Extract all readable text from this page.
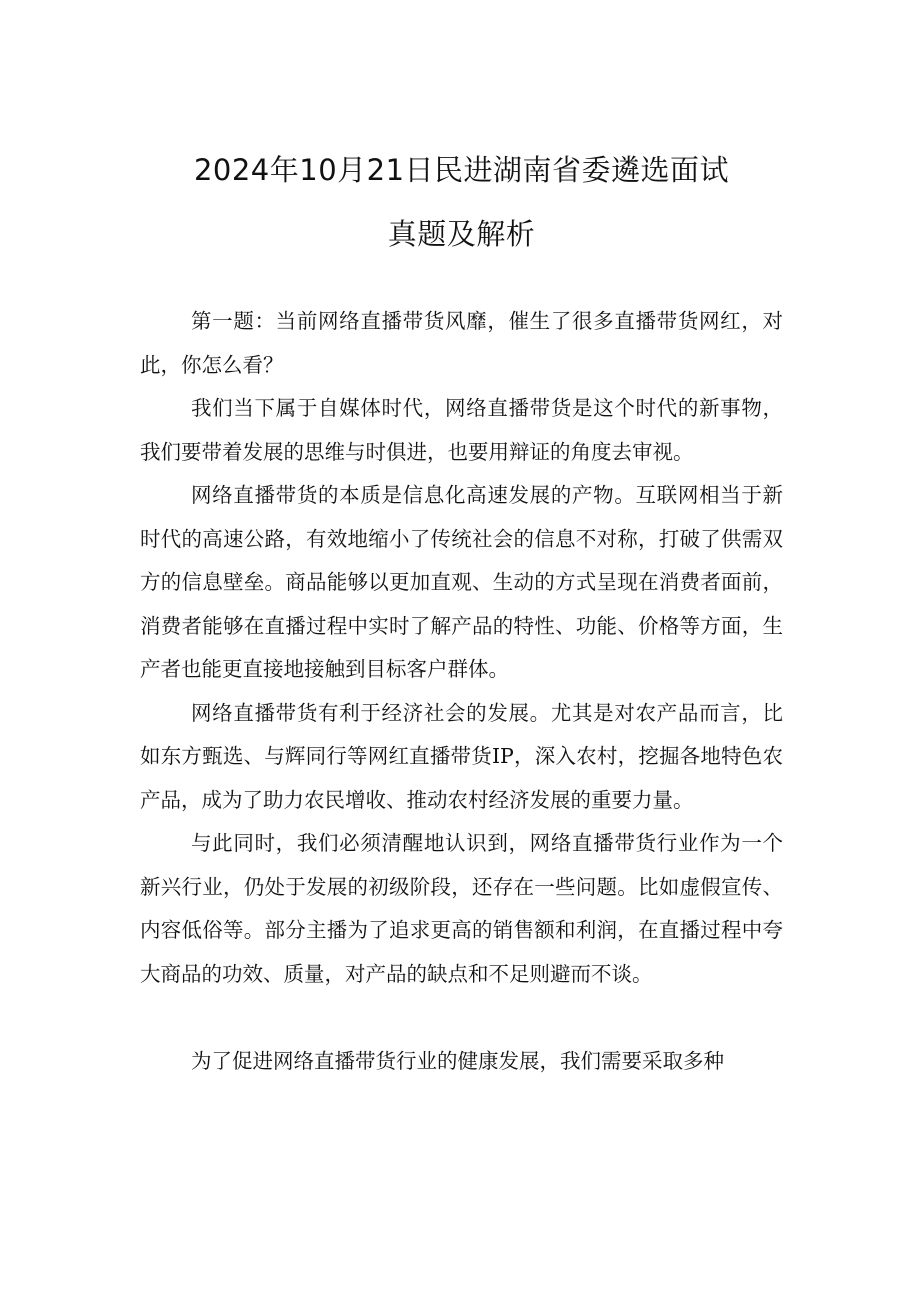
2024年10月21日民进湖南省委遴选面试
真题及解析

第一题：当前网络直播带货风靡，催生了很多直播带货网红，对此，你怎么看？

我们当下属于自媒体时代，网络直播带货是这个时代的新事物，我们要带着发展的思维与时俱进，也要用辩证的角度去审视。

网络直播带货的本质是信息化高速发展的产物。互联网相当于新时代的高速公路，有效地缩小了传统社会的信息不对称，打破了供需双方的信息壁垒。商品能够以更加直观、生动的方式呈现在消费者面前，消费者能够在直播过程中实时了解产品的特性、功能、价格等方面，生产者也能更直接地接触到目标客户群体。

网络直播带货有利于经济社会的发展。尤其是对农产品而言，比如东方甄选、与辉同行等网红直播带货IP，深入农村，挖掘各地特色农产品，成为了助力农民增收、推动农村经济发展的重要力量。

与此同时，我们必须清醒地认识到，网络直播带货行业作为一个新兴行业，仍处于发展的初级阶段，还存在一些问题。比如虚假宣传、内容低俗等。部分主播为了追求更高的销售额和利润，在直播过程中夸大商品的功效、质量，对产品的缺点和不足则避而不谈。

为了促进网络直播带货行业的健康发展，我们需要采取多种
